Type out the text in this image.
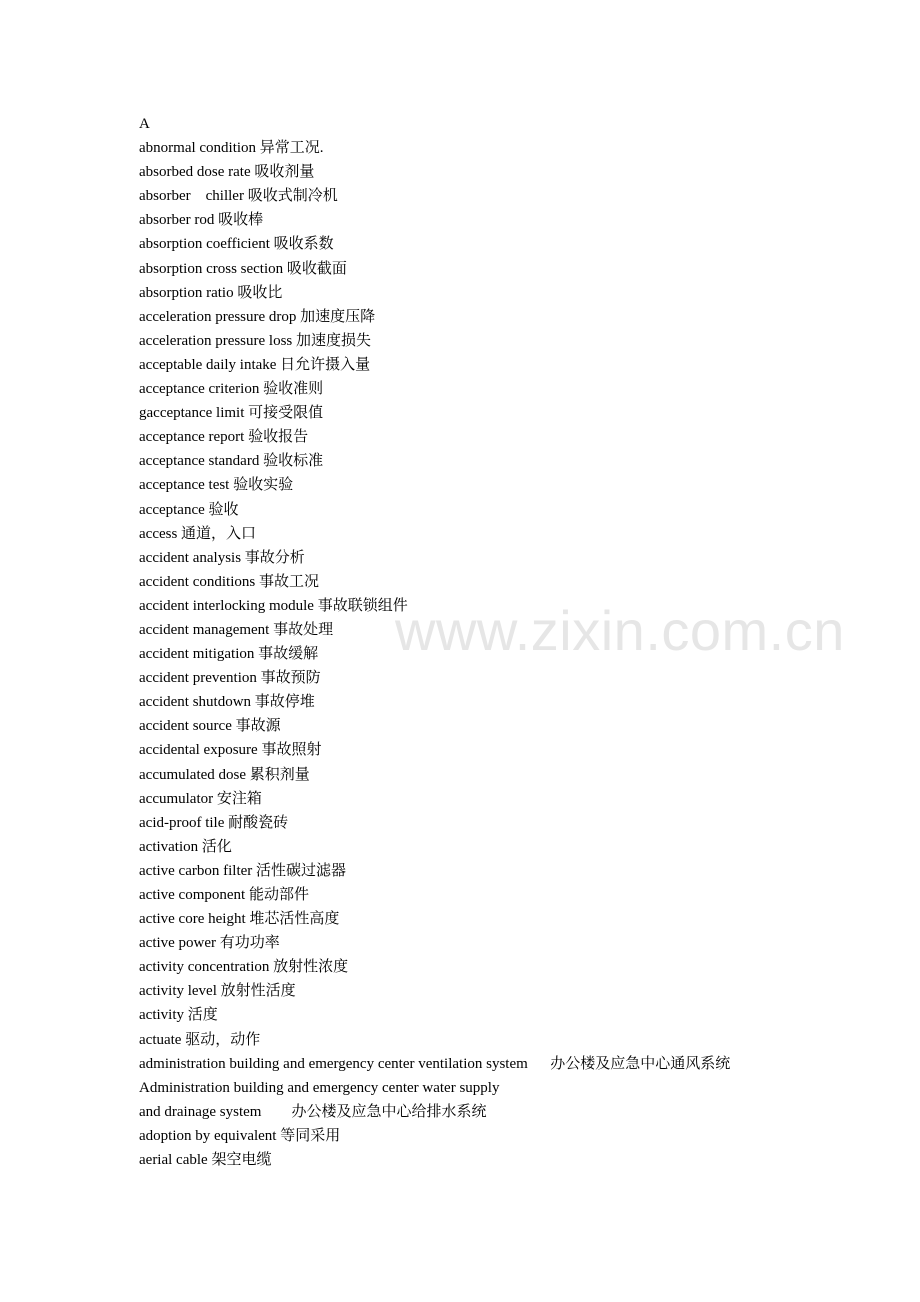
www.zixin.com.cn
A
abnormal condition 异常工况.
absorbed dose rate 吸收剂量
absorber    chiller 吸收式制冷机
absorber rod 吸收棒
absorption coefficient 吸收系数
absorption cross section 吸收截面
absorption ratio 吸收比
acceleration pressure drop 加速度压降
acceleration pressure loss 加速度损失
acceptable daily intake 日允许摄入量
acceptance criterion 验收准则
gacceptance limit 可接受限值
acceptance report 验收报告
acceptance standard 验收标准
acceptance test 验收实验
acceptance 验收
access 通道，入口
accident analysis 事故分析
accident conditions 事故工况
accident interlocking module 事故联锁组件
accident management 事故处理
accident mitigation 事故缓解
accident prevention 事故预防
accident shutdown 事故停堆
accident source 事故源
accidental exposure 事故照射
accumulated dose 累积剂量
accumulator 安注箱
acid-proof tile 耐酸瓷砖
activation 活化
active carbon filter 活性碳过滤器
active component 能动部件
active core height 堆芯活性高度
active power 有功功率
activity concentration 放射性浓度
activity level 放射性活度
activity 活度
actuate 驱动，动作
administration building and emergency center ventilation system      办公楼及应急中心通风系统
Administration building and emergency center water supply
and drainage system        办公楼及应急中心给排水系统
adoption by equivalent 等同采用
aerial cable 架空电缆
